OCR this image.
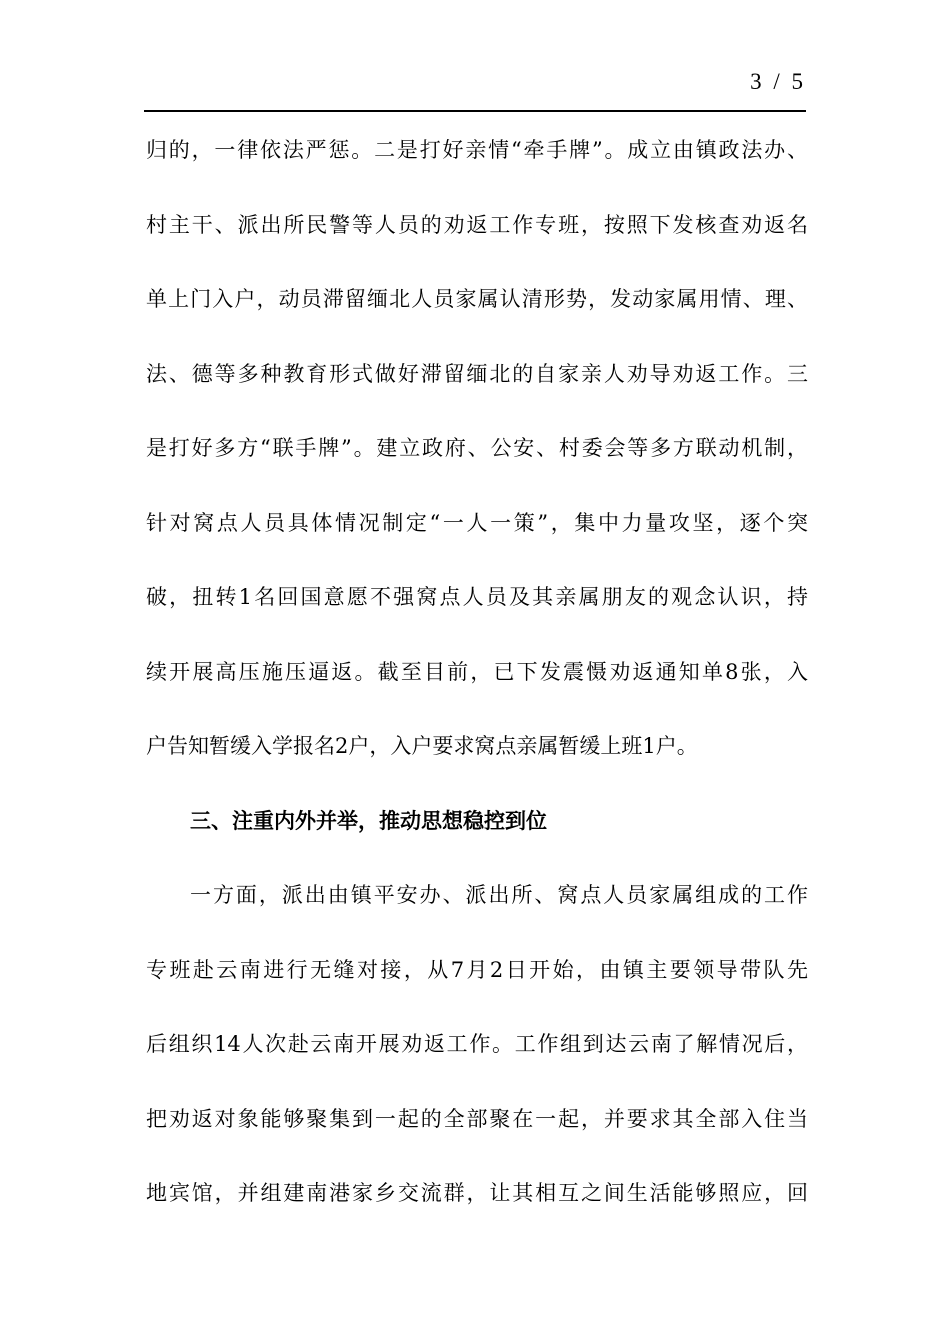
3 / 5
归的，一律依法严惩。二是打好亲情“牵手牌”。成立由镇政法办、
村主干、派出所民警等人员的劝返工作专班，按照下发核查劝返名
单上门入户，动员滞留缅北人员家属认清形势，发动家属用情、理、
法、德等多种教育形式做好滞留缅北的自家亲人劝导劝返工作。三
是打好多方“联手牌”。建立政府、公安、村委会等多方联动机制，
针对窝点人员具体情况制定“一人一策”，集中力量攻坚，逐个突
破，扭转1名回国意愿不强窝点人员及其亲属朋友的观念认识，持
续开展高压施压逼返。截至目前，已下发震慑劝返通知单8张，入
户告知暂缓入学报名2户，入户要求窝点亲属暂缓上班1户。
三、注重内外并举，推动思想稳控到位
一方面，派出由镇平安办、派出所、窝点人员家属组成的工作
专班赴云南进行无缝对接，从7月2日开始，由镇主要领导带队先
后组织14人次赴云南开展劝返工作。工作组到达云南了解情况后，
把劝返对象能够聚集到一起的全部聚在一起，并要求其全部入住当
地宾馆，并组建南港家乡交流群，让其相互之间生活能够照应，回
